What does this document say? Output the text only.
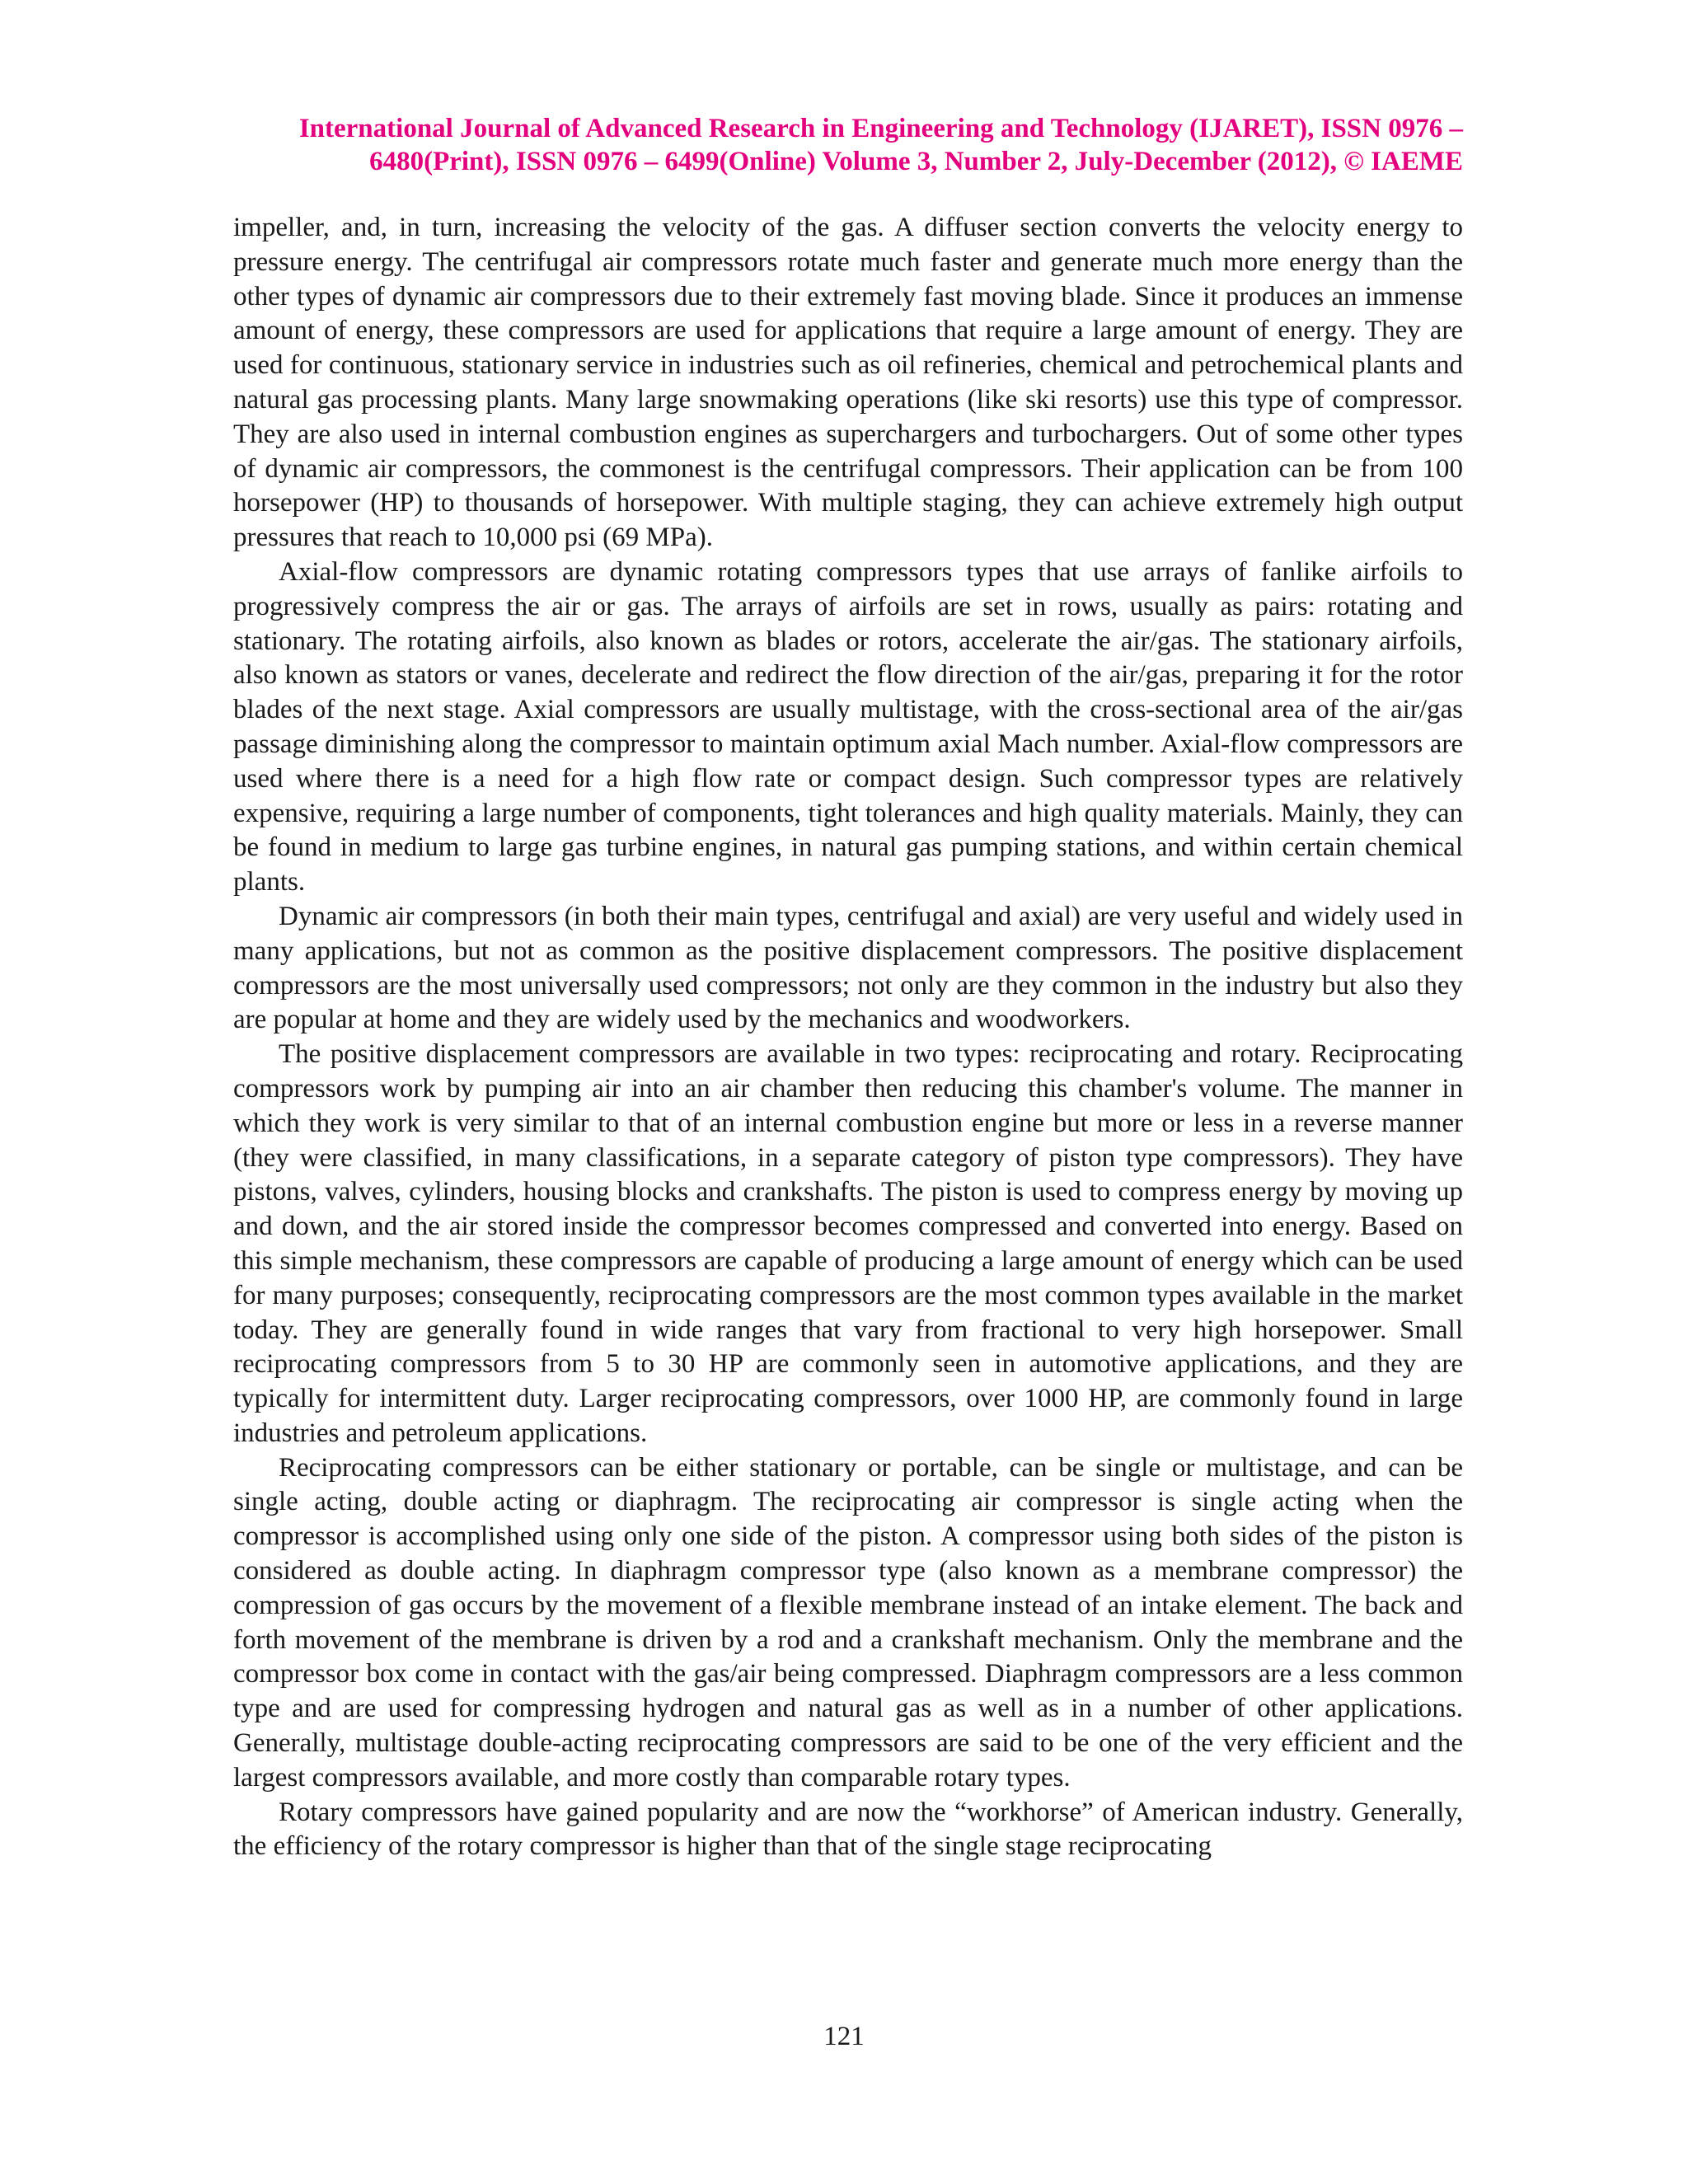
International Journal of Advanced Research in Engineering and Technology (IJARET), ISSN 0976 –
6480(Print), ISSN 0976 – 6499(Online) Volume 3, Number 2, July-December (2012), © IAEME

impeller, and, in turn, increasing the velocity of the gas. A diffuser section converts the velocity energy to pressure energy. The centrifugal air compressors rotate much faster and generate much more energy than the other types of dynamic air compressors due to their extremely fast moving blade. Since it produces an immense amount of energy, these compressors are used for applications that require a large amount of energy. They are used for continuous, stationary service in industries such as oil refineries, chemical and petrochemical plants and natural gas processing plants. Many large snowmaking operations (like ski resorts) use this type of compressor. They are also used in internal combustion engines as superchargers and turbochargers. Out of some other types of dynamic air compressors, the commonest is the centrifugal compressors. Their application can be from 100 horsepower (HP) to thousands of horsepower. With multiple staging, they can achieve extremely high output pressures that reach to 10,000 psi (69 MPa).

Axial-flow compressors are dynamic rotating compressors types that use arrays of fanlike airfoils to progressively compress the air or gas. The arrays of airfoils are set in rows, usually as pairs: rotating and stationary. The rotating airfoils, also known as blades or rotors, accelerate the air/gas. The stationary airfoils, also known as stators or vanes, decelerate and redirect the flow direction of the air/gas, preparing it for the rotor blades of the next stage. Axial compressors are usually multistage, with the cross-sectional area of the air/gas passage diminishing along the compressor to maintain optimum axial Mach number. Axial-flow compressors are used where there is a need for a high flow rate or compact design. Such compressor types are relatively expensive, requiring a large number of components, tight tolerances and high quality materials. Mainly, they can be found in medium to large gas turbine engines, in natural gas pumping stations, and within certain chemical plants.

Dynamic air compressors (in both their main types, centrifugal and axial) are very useful and widely used in many applications, but not as common as the positive displacement compressors. The positive displacement compressors are the most universally used compressors; not only are they common in the industry but also they are popular at home and they are widely used by the mechanics and woodworkers.

The positive displacement compressors are available in two types: reciprocating and rotary. Reciprocating compressors work by pumping air into an air chamber then reducing this chamber's volume. The manner in which they work is very similar to that of an internal combustion engine but more or less in a reverse manner (they were classified, in many classifications, in a separate category of piston type compressors). They have pistons, valves, cylinders, housing blocks and crankshafts. The piston is used to compress energy by moving up and down, and the air stored inside the compressor becomes compressed and converted into energy. Based on this simple mechanism, these compressors are capable of producing a large amount of energy which can be used for many purposes; consequently, reciprocating compressors are the most common types available in the market today. They are generally found in wide ranges that vary from fractional to very high horsepower. Small reciprocating compressors from 5 to 30 HP are commonly seen in automotive applications, and they are typically for intermittent duty. Larger reciprocating compressors, over 1000 HP, are commonly found in large industries and petroleum applications.

Reciprocating compressors can be either stationary or portable, can be single or multistage, and can be single acting, double acting or diaphragm. The reciprocating air compressor is single acting when the compressor is accomplished using only one side of the piston. A compressor using both sides of the piston is considered as double acting. In diaphragm compressor type (also known as a membrane compressor) the compression of gas occurs by the movement of a flexible membrane instead of an intake element. The back and forth movement of the membrane is driven by a rod and a crankshaft mechanism. Only the membrane and the compressor box come in contact with the gas/air being compressed. Diaphragm compressors are a less common type and are used for compressing hydrogen and natural gas as well as in a number of other applications. Generally, multistage double-acting reciprocating compressors are said to be one of the very efficient and the largest compressors available, and more costly than comparable rotary types.

Rotary compressors have gained popularity and are now the “workhorse” of American industry. Generally, the efficiency of the rotary compressor is higher than that of the single stage reciprocating

121
